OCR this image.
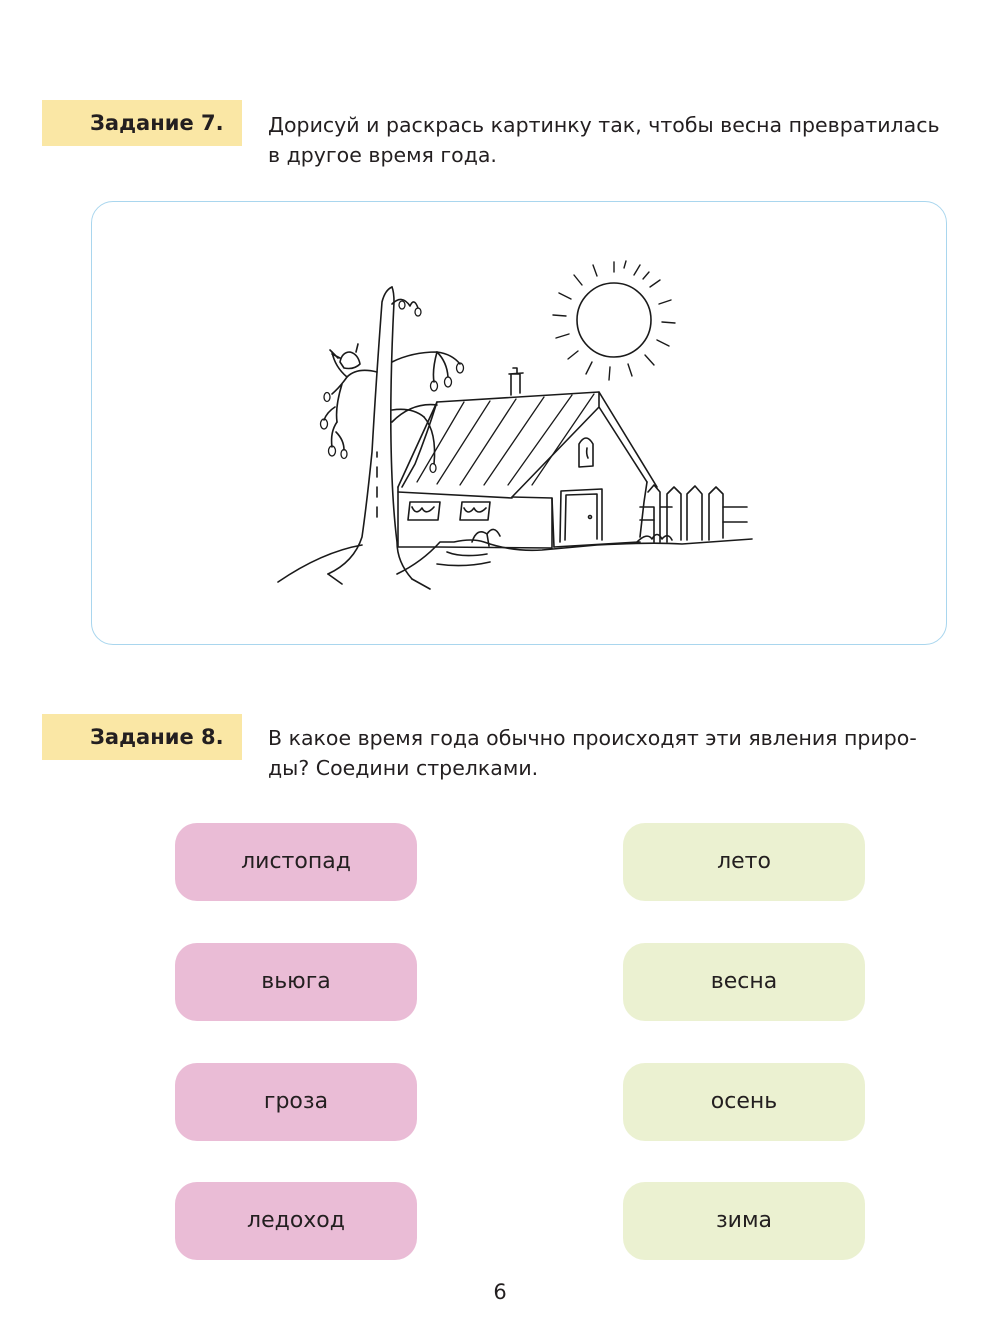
Задание 7.	Дорисуй и раскрась картинку так, чтобы весна превратилась
в другое время года.
Задание 8.	В какое время года обычно происходят эти явления приро-
ды? Соедини стрелками.
листопад
вьюга
гроза
ледоход
лето
весна
осень
зима
6
